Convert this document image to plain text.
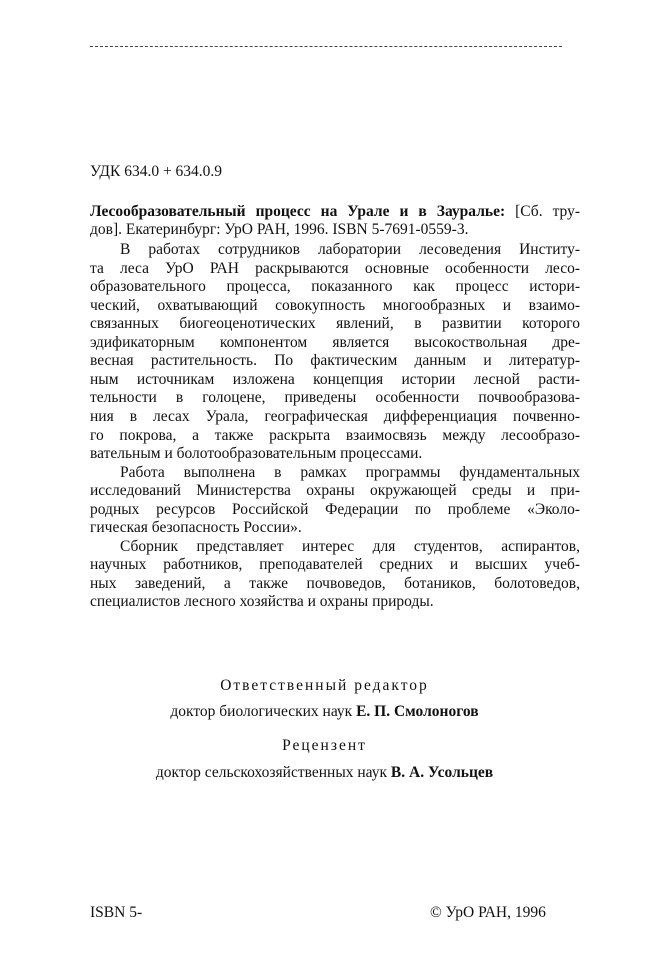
УДК 634.0 + 634.0.9
Лесообразовательный процесс на Урале и в Зауралье: [Сб. тру-
дов]. Екатеринбург: УрО РАН, 1996. ISBN 5-7691-0559-3.
В работах сотрудников лаборатории лесоведения Институ-
та леса УрО РАН раскрываются основные особенности лесо-
образовательного процесса, показанного как процесс истори-
ческий, охватывающий совокупность многообразных и взаимо-
связанных биогеоценотических явлений, в развитии которого
эдификаторным компонентом является высокоствольная дре-
весная растительность. По фактическим данным и литератур-
ным источникам изложена концепция истории лесной расти-
тельности в голоцене, приведены особенности почвообразова-
ния в лесах Урала, географическая дифференциация почвенно-
го покрова, а также раскрыта взаимосвязь между лесообразо-
вательным и болотообразовательным процессами.
Работа выполнена в рамках программы фундаментальных
исследований Министерства охраны окружающей среды и при-
родных ресурсов Российской Федерации по проблеме «Эколо-
гическая безопасность России».
Сборник представляет интерес для студентов, аспирантов,
научных работников, преподавателей средних и высших учеб-
ных заведений, а также почвоведов, ботаников, болотоведов,
специалистов лесного хозяйства и охраны природы.
Ответственный редактор
доктор биологических наук Е. П. Смолоногов
Рецензент
доктор сельскохозяйственных наук В. А. Усольцев
ISBN 5-	© УрО РАН, 1996
